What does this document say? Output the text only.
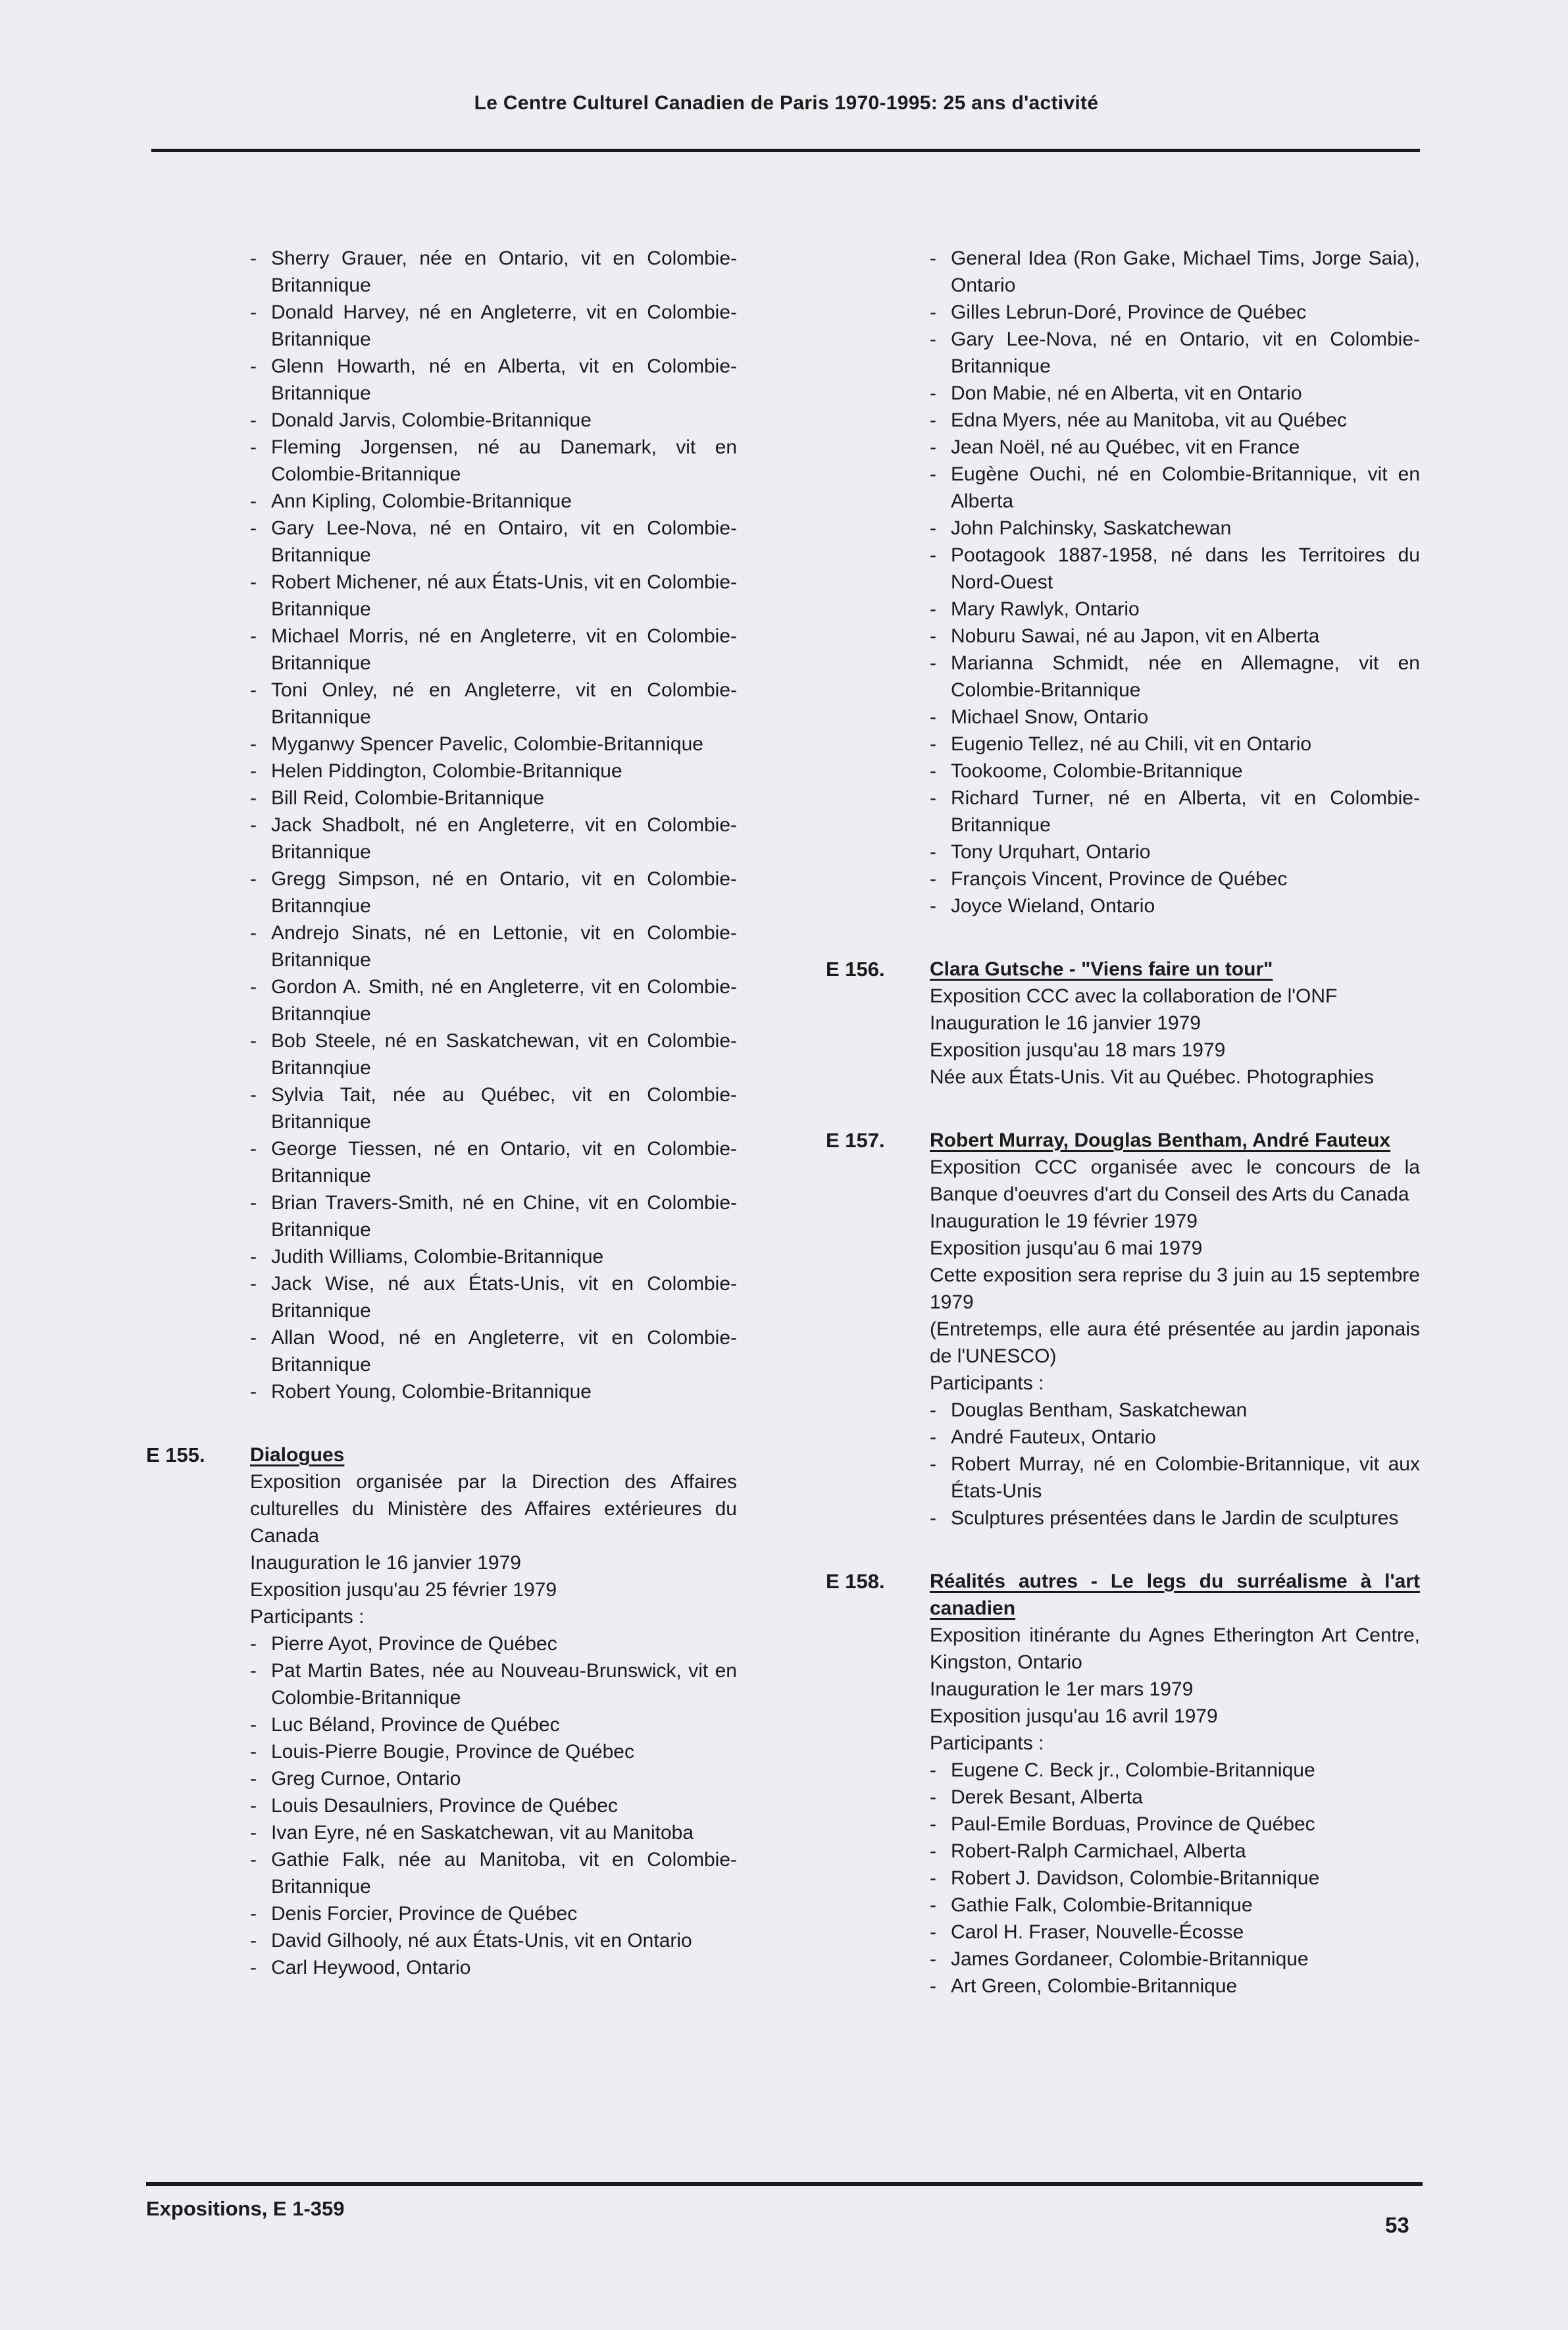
Le Centre Culturel Canadien de Paris 1970-1995: 25 ans d'activité
- Sherry Grauer, née en Ontario, vit en Colombie-Britannique
- Donald Harvey, né en Angleterre, vit en Colombie-Britannique
- Glenn Howarth, né en Alberta, vit en Colombie-Britannique
- Donald Jarvis, Colombie-Britannique
- Fleming Jorgensen, né au Danemark, vit en Colombie-Britannique
- Ann Kipling, Colombie-Britannique
- Gary Lee-Nova, né en Ontairo, vit en Colombie-Britannique
- Robert Michener, né aux États-Unis, vit en Colombie-Britannique
- Michael Morris, né en Angleterre, vit en Colombie-Britannique
- Toni Onley, né en Angleterre, vit en Colombie-Britannique
- Myganwy Spencer Pavelic, Colombie-Britannique
- Helen Piddington, Colombie-Britannique
- Bill Reid, Colombie-Britannique
- Jack Shadbolt, né en Angleterre, vit en Colombie-Britannique
- Gregg Simpson, né en Ontario, vit en Colombie-Britannqiue
- Andrejo Sinats, né en Lettonie, vit en Colombie-Britannique
- Gordon A. Smith, né en Angleterre, vit en Colombie-Britannqiue
- Bob Steele, né en Saskatchewan, vit en Colombie-Britannqiue
- Sylvia Tait, née au Québec, vit en Colombie-Britannique
- George Tiessen, né en Ontario, vit en Colombie-Britannique
- Brian Travers-Smith, né en Chine, vit en Colombie-Britannique
- Judith Williams, Colombie-Britannique
- Jack Wise, né aux États-Unis, vit en Colombie-Britannique
- Allan Wood, né en Angleterre, vit en Colombie-Britannique
- Robert Young, Colombie-Britannique
E 155.	Dialogues
Exposition organisée par la Direction des Affaires culturelles du Ministère des Affaires extérieures du Canada
Inauguration le 16 janvier 1979
Exposition jusqu'au 25 février 1979
Participants :
- Pierre Ayot, Province de Québec
- Pat Martin Bates, née au Nouveau-Brunswick, vit en Colombie-Britannique
- Luc Béland, Province de Québec
- Louis-Pierre Bougie, Province de Québec
- Greg Curnoe, Ontario
- Louis Desaulniers, Province de Québec
- Ivan Eyre, né en Saskatchewan, vit au Manitoba
- Gathie Falk, née au Manitoba, vit en Colombie-Britannique
- Denis Forcier, Province de Québec
- David Gilhooly, né aux États-Unis, vit en Ontario
- Carl Heywood, Ontario
- General Idea (Ron Gake, Michael Tims, Jorge Saia), Ontario
- Gilles Lebrun-Doré, Province de Québec
- Gary Lee-Nova, né en Ontario, vit en Colombie-Britannique
- Don Mabie, né en Alberta, vit en Ontario
- Edna Myers, née au Manitoba, vit au Québec
- Jean Noël, né au Québec, vit en France
- Eugène Ouchi, né en Colombie-Britannique, vit en Alberta
- John Palchinsky, Saskatchewan
- Pootagook 1887-1958, né dans les Territoires du Nord-Ouest
- Mary Rawlyk, Ontario
- Noburu Sawai, né au Japon, vit en Alberta
- Marianna Schmidt, née en Allemagne, vit en Colombie-Britannique
- Michael Snow, Ontario
- Eugenio Tellez, né au Chili, vit en Ontario
- Tookoome, Colombie-Britannique
- Richard Turner, né en Alberta, vit en Colombie-Britannique
- Tony Urquhart, Ontario
- François Vincent, Province de Québec
- Joyce Wieland, Ontario
E 156.	Clara Gutsche - "Viens faire un tour"
Exposition CCC avec la collaboration de l'ONF
Inauguration le 16 janvier 1979
Exposition jusqu'au 18 mars 1979
Née aux États-Unis. Vit au Québec. Photographies
E 157.	Robert Murray, Douglas Bentham, André Fauteux
Exposition CCC organisée avec le concours de la Banque d'oeuvres d'art du Conseil des Arts du Canada
Inauguration le 19 février 1979
Exposition jusqu'au 6 mai 1979
Cette exposition sera reprise du 3 juin au 15 septembre 1979
(Entretemps, elle aura été présentée au jardin japonais de l'UNESCO)
Participants :
- Douglas Bentham, Saskatchewan
- André Fauteux, Ontario
- Robert Murray, né en Colombie-Britannique, vit aux États-Unis
- Sculptures présentées dans le Jardin de sculptures
E 158.	Réalités autres - Le legs du surréalisme à l'art canadien
Exposition itinérante du Agnes Etherington Art Centre, Kingston, Ontario
Inauguration le 1er mars 1979
Exposition jusqu'au 16 avril 1979
Participants :
- Eugene C. Beck jr., Colombie-Britannique
- Derek Besant, Alberta
- Paul-Emile Borduas, Province de Québec
- Robert-Ralph Carmichael, Alberta
- Robert J. Davidson, Colombie-Britannique
- Gathie Falk, Colombie-Britannique
- Carol H. Fraser, Nouvelle-Écosse
- James Gordaneer, Colombie-Britannique
- Art Green, Colombie-Britannique
Expositions, E 1-359
53
